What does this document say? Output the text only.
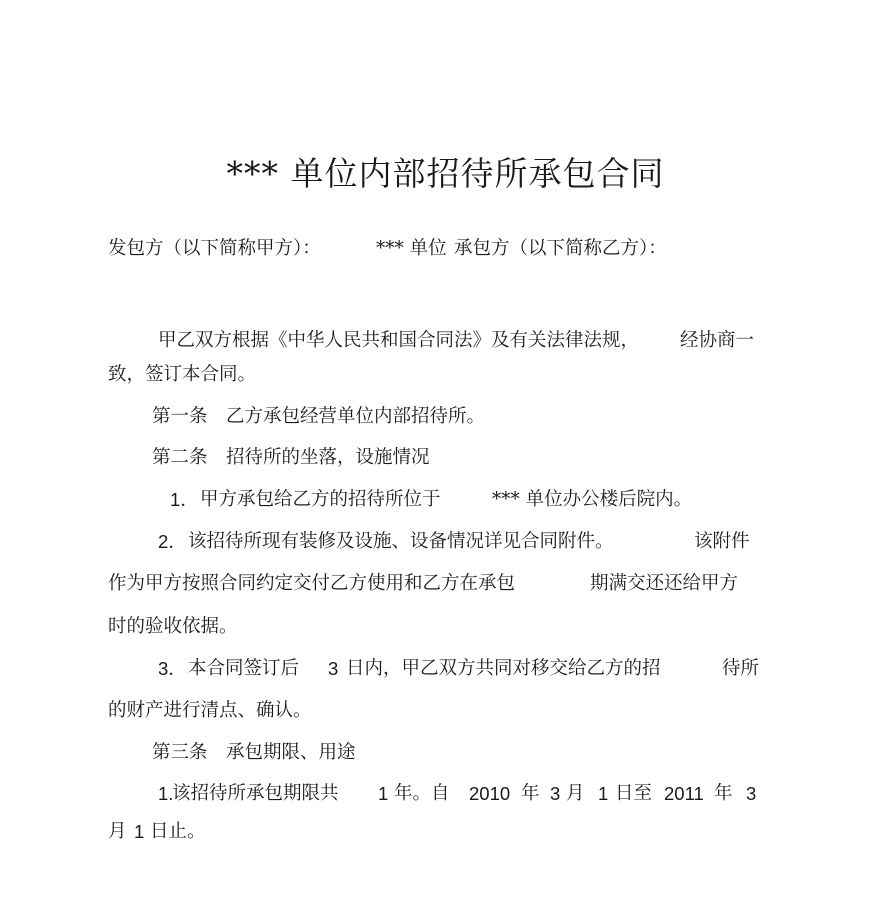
*** 单位内部招待所承包合同
发包方（以下简称甲方）：	*** 单位 承包方（以下简称乙方）：
甲乙双方根据《中华人民共和国合同法》及有关法律法规， 经协商一
致，签订本合同。
第一条　乙方承包经营单位内部招待所。
第二条　招待所的坐落，设施情况
1． 甲方承包给乙方的招待所位于	*** 单位办公楼后院内。
2． 该招待所现有装修及设施、设备情况详见合同附件。	该附件
作为甲方按照合同约定交付乙方使用和乙方在承包	期满交还还给甲方
时的验收依据。
3． 本合同签订后 3 日内，甲乙双方共同对移交给乙方的招	待所
的财产进行清点、确认。
第三条　承包期限、用途
1.
该招待所承包期限共 1 年。自 2010 年 3 月 1 日至 2011 年 3
月 1 日止。
